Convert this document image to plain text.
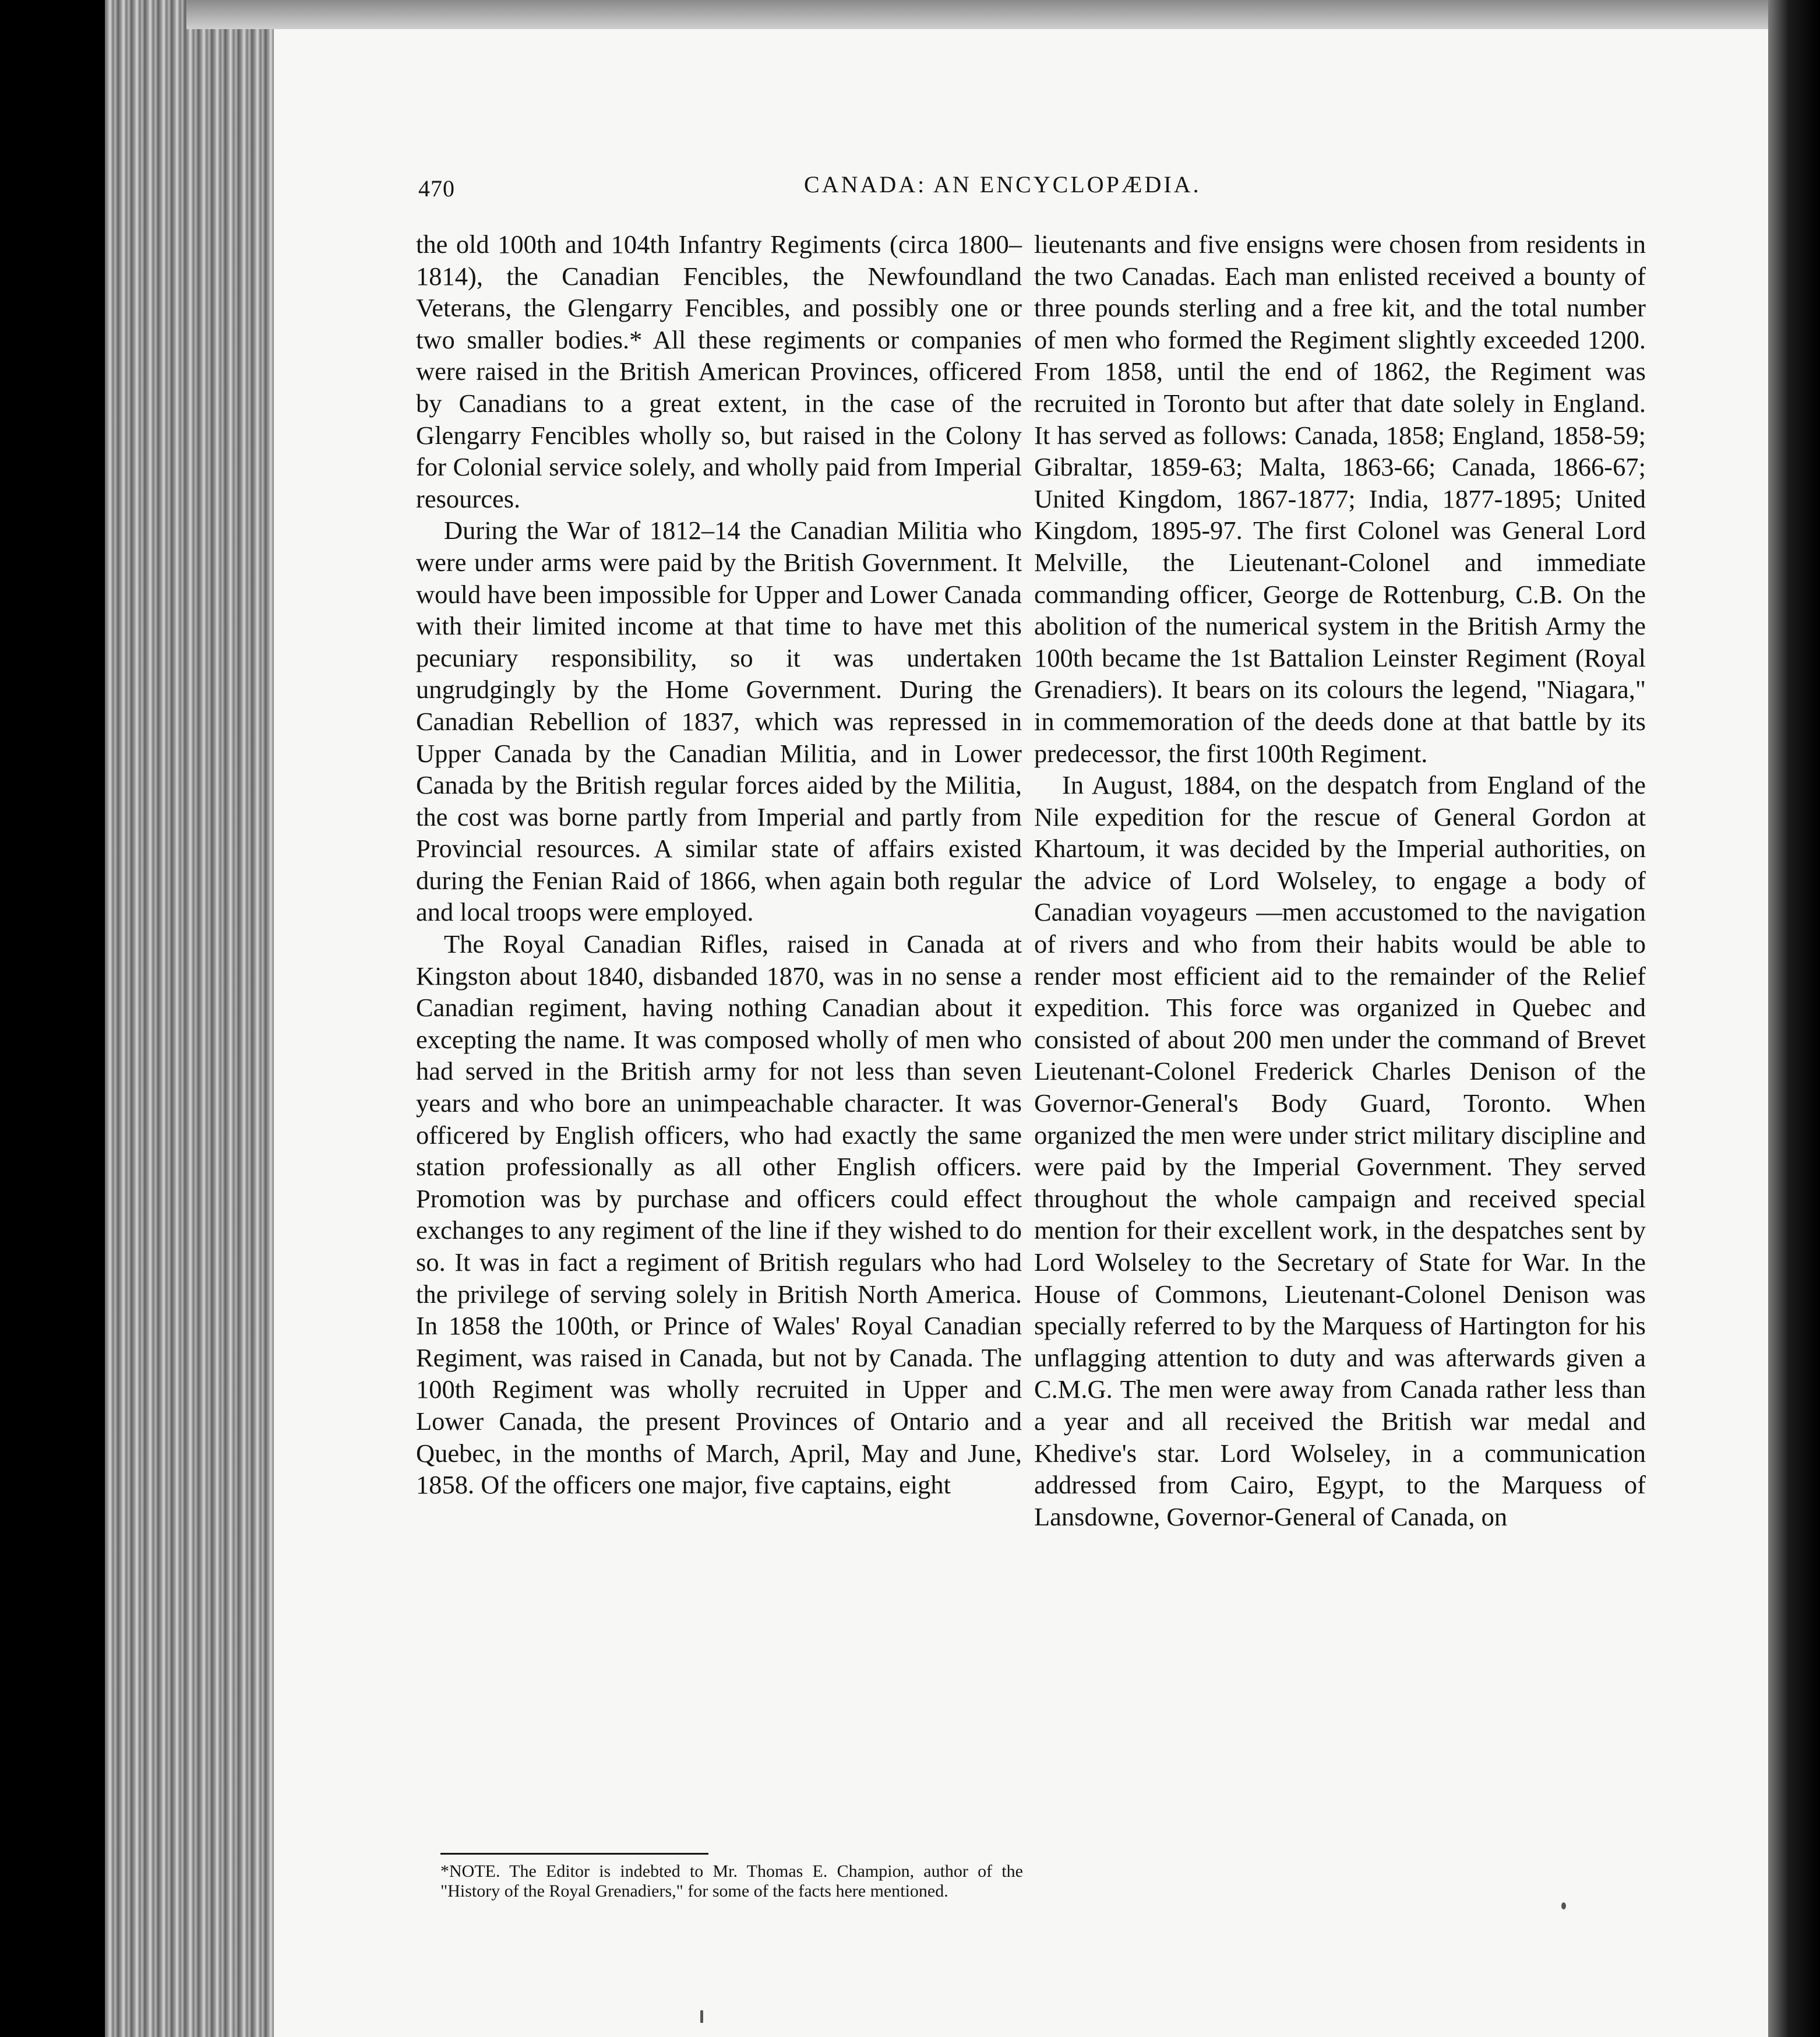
470	CANADA: AN ENCYCLOPÆDIA.

the old 100th and 104th Infantry Regiments (circa 1800–1814), the Canadian Fencibles, the Newfoundland Veterans, the Glengarry Fencibles, and possibly one or two smaller bodies.* All these regiments or companies were raised in the British American Provinces, officered by Canadians to a great extent, in the case of the Glengarry Fencibles wholly so, but raised in the Colony for Colonial service solely, and wholly paid from Imperial resources.

During the War of 1812–14 the Canadian Militia who were under arms were paid by the British Government. It would have been impossible for Upper and Lower Canada with their limited income at that time to have met this pecuniary responsibility, so it was undertaken ungrudgingly by the Home Government. During the Canadian Rebellion of 1837, which was repressed in Upper Canada by the Canadian Militia, and in Lower Canada by the British regular forces aided by the Militia, the cost was borne partly from Imperial and partly from Provincial resources. A similar state of affairs existed during the Fenian Raid of 1866, when again both regular and local troops were employed.

The Royal Canadian Rifles, raised in Canada at Kingston about 1840, disbanded 1870, was in no sense a Canadian regiment, having nothing Canadian about it excepting the name. It was composed wholly of men who had served in the British army for not less than seven years and who bore an unimpeachable character. It was officered by English officers, who had exactly the same station professionally as all other English officers. Promotion was by purchase and officers could effect exchanges to any regiment of the line if they wished to do so. It was in fact a regiment of British regulars who had the privilege of serving solely in British North America. In 1858 the 100th, or Prince of Wales' Royal Canadian Regiment, was raised in Canada, but not by Canada. The 100th Regiment was wholly recruited in Upper and Lower Canada, the present Provinces of Ontario and Quebec, in the months of March, April, May and June, 1858. Of the officers one major, five captains, eight

lieutenants and five ensigns were chosen from residents in the two Canadas. Each man enlisted received a bounty of three pounds sterling and a free kit, and the total number of men who formed the Regiment slightly exceeded 1200. From 1858, until the end of 1862, the Regiment was recruited in Toronto but after that date solely in England. It has served as follows: Canada, 1858; England, 1858-59; Gibraltar, 1859-63; Malta, 1863-66; Canada, 1866-67; United Kingdom, 1867-1877; India, 1877-1895; United Kingdom, 1895-97. The first Colonel was General Lord Melville, the Lieutenant-Colonel and immediate commanding officer, George de Rottenburg, C.B. On the abolition of the numerical system in the British Army the 100th became the 1st Battalion Leinster Regiment (Royal Grenadiers). It bears on its colours the legend, "Niagara," in commemoration of the deeds done at that battle by its predecessor, the first 100th Regiment.

In August, 1884, on the despatch from England of the Nile expedition for the rescue of General Gordon at Khartoum, it was decided by the Imperial authorities, on the advice of Lord Wolseley, to engage a body of Canadian voyageurs —men accustomed to the navigation of rivers and who from their habits would be able to render most efficient aid to the remainder of the Relief expedition. This force was organized in Quebec and consisted of about 200 men under the command of Brevet Lieutenant-Colonel Frederick Charles Denison of the Governor-General's Body Guard, Toronto. When organized the men were under strict military discipline and were paid by the Imperial Government. They served throughout the whole campaign and received special mention for their excellent work, in the despatches sent by Lord Wolseley to the Secretary of State for War. In the House of Commons, Lieutenant-Colonel Denison was specially referred to by the Marquess of Hartington for his unflagging attention to duty and was afterwards given a C.M.G. The men were away from Canada rather less than a year and all received the British war medal and Khedive's star. Lord Wolseley, in a communication addressed from Cairo, Egypt, to the Marquess of Lansdowne, Governor-General of Canada, on

*NOTE. The Editor is indebted to Mr. Thomas E. Champion, author of the "History of the Royal Grenadiers," for some of the facts here mentioned.
